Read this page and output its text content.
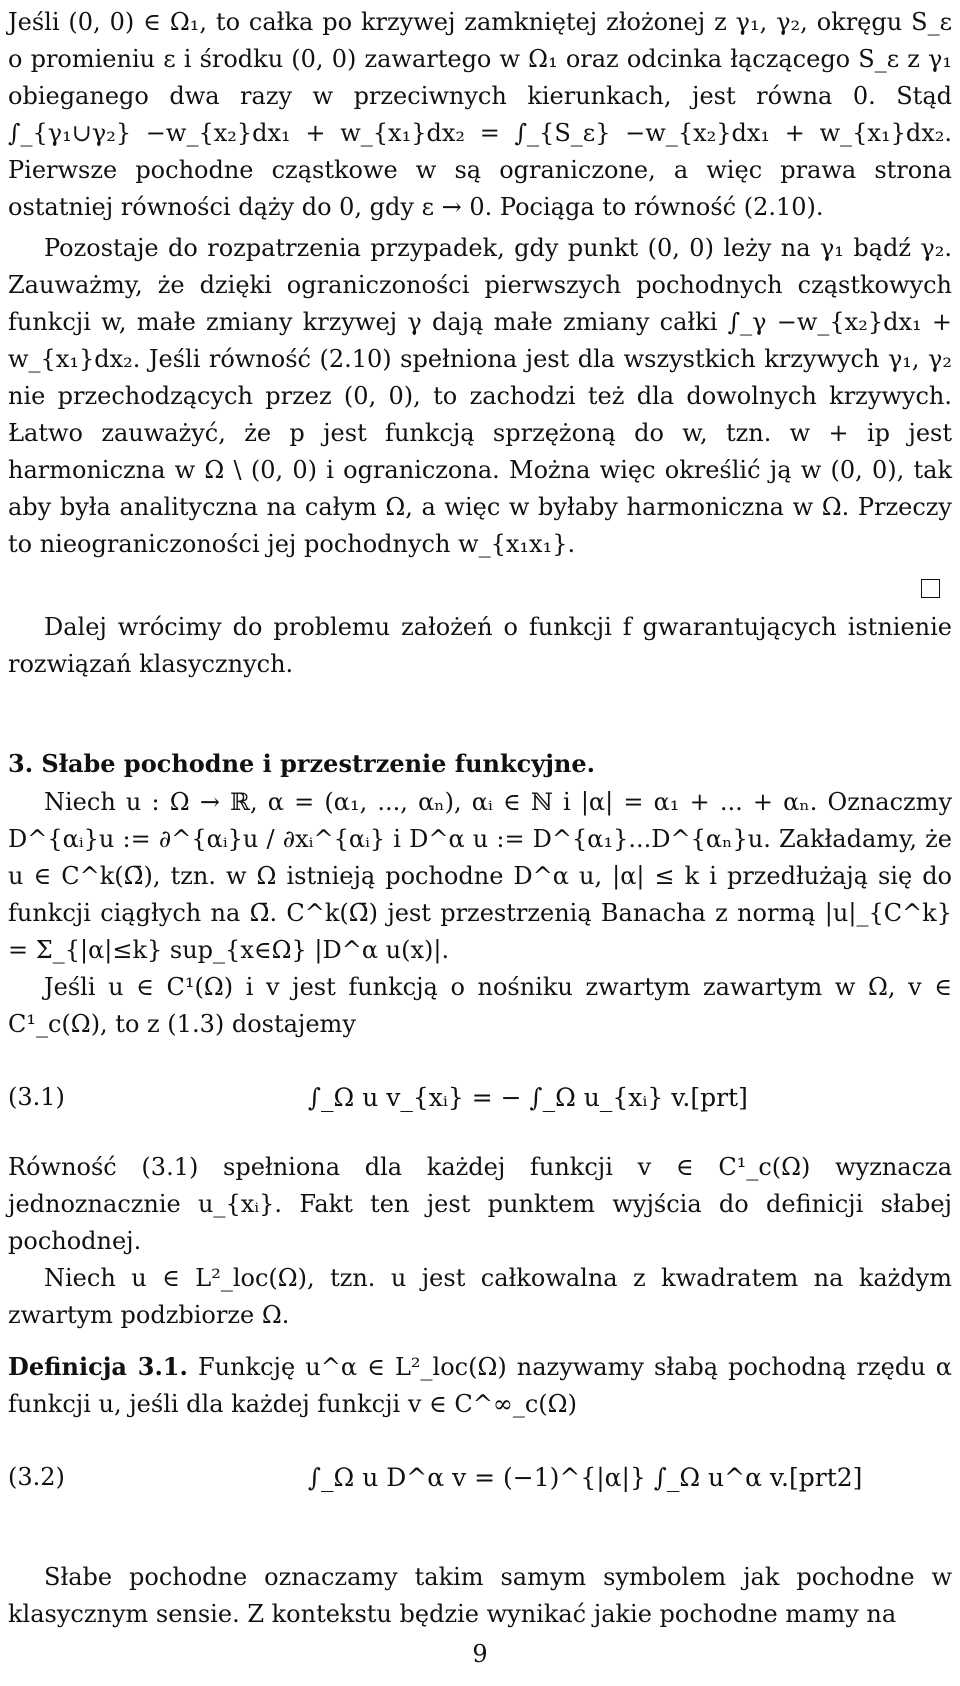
Jeśli (0, 0) ∈ Ω₁, to całka po krzywej zamkniętej złożonej z γ₁, γ₂, okręgu S_ε o promieniu ε i środku (0, 0) zawartego w Ω₁ oraz odcinka łączącego S_ε z γ₁ obieganego dwa razy w przeciwnych kierunkach, jest równa 0. Stąd ∫_{γ₁∪γ₂} −w_{x₂}dx₁ + w_{x₁}dx₂ = ∫_{S_ε} −w_{x₂}dx₁ + w_{x₁}dx₂. Pierwsze pochodne cząstkowe w są ograniczone, a więc prawa strona ostatniej równości dąży do 0, gdy ε → 0. Pociąga to równość (2.10).

Pozostaje do rozpatrzenia przypadek, gdy punkt (0, 0) leży na γ₁ bądź γ₂. Zauważmy, że dzięki ograniczoności pierwszych pochodnych cząstkowych funkcji w, małe zmiany krzywej γ dają małe zmiany całki ∫_γ −w_{x₂}dx₁ + w_{x₁}dx₂. Jeśli równość (2.10) spełniona jest dla wszystkich krzywych γ₁, γ₂ nie przechodzących przez (0, 0), to zachodzi też dla dowolnych krzywych. Łatwo zauważyć, że p jest funkcją sprzężoną do w, tzn. w + ip jest harmoniczna w Ω \ (0, 0) i ograniczona. Można więc określić ją w (0, 0), tak aby była analityczna na całym Ω, a więc w byłaby harmoniczna w Ω. Przeczy to nieograniczoności jej pochodnych w_{x₁x₁}.

Dalej wrócimy do problemu założeń o funkcji f gwarantujących istnienie rozwiązań klasycznych.

3. Słabe pochodne i przestrzenie funkcyjne.

Niech u : Ω → ℝ, α = (α₁, ..., αₙ), αᵢ ∈ ℕ i |α| = α₁ + ... + αₙ. Oznaczmy D^{αᵢ}u := ∂^{αᵢ}u / ∂xᵢ^{αᵢ} i D^α u := D^{α₁}...D^{αₙ}u. Zakładamy, że u ∈ C^k(Ω̄), tzn. w Ω istnieją pochodne D^α u, |α| ≤ k i przedłużają się do funkcji ciągłych na Ω̄. C^k(Ω̄) jest przestrzenią Banacha z normą |u|_{C^k} = Σ_{|α|≤k} sup_{x∈Ω} |D^α u(x)|.

Jeśli u ∈ C¹(Ω) i v jest funkcją o nośniku zwartym zawartym w Ω, v ∈ C¹_c(Ω), to z (1.3) dostajemy

(3.1)	∫_Ω u v_{xᵢ} = − ∫_Ω u_{xᵢ} v.[prt]

Równość (3.1) spełniona dla każdej funkcji v ∈ C¹_c(Ω) wyznacza jednoznacznie u_{xᵢ}. Fakt ten jest punktem wyjścia do definicji słabej pochodnej.

Niech u ∈ L²_loc(Ω), tzn. u jest całkowalna z kwadratem na każdym zwartym podzbiorze Ω.

Definicja 3.1. Funkcję u^α ∈ L²_loc(Ω) nazywamy słabą pochodną rzędu α funkcji u, jeśli dla każdej funkcji v ∈ C^∞_c(Ω)

(3.2)	∫_Ω u D^α v = (−1)^{|α|} ∫_Ω u^α v.[prt2]

Słabe pochodne oznaczamy takim samym symbolem jak pochodne w klasycznym sensie. Z kontekstu będzie wynikać jakie pochodne mamy na

9
